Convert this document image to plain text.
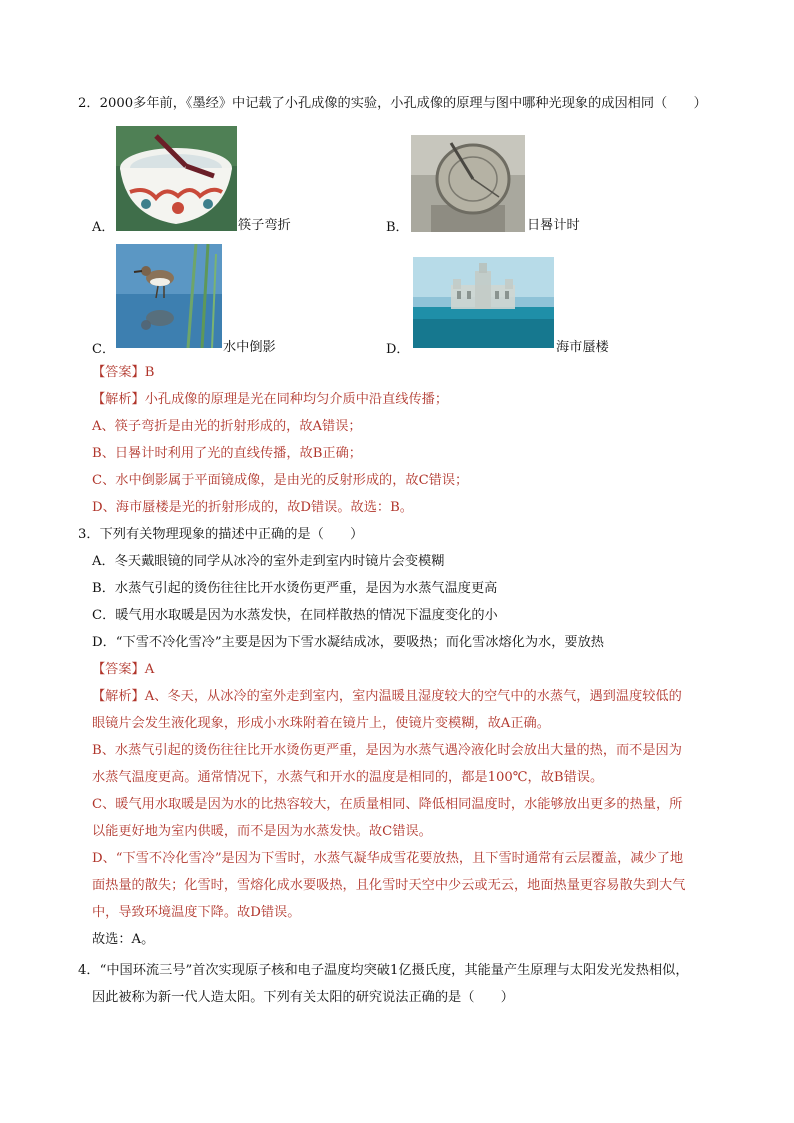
2．2000多年前，《墨经》中记载了小孔成像的实验，小孔成像的原理与图中哪种光现象的成因相同（　　）
A．	筷子弯折	B．	日晷计时
C．	水中倒影	D．	海市蜃楼
【答案】B
【解析】小孔成像的原理是光在同种均匀介质中沿直线传播；
A、筷子弯折是由光的折射形成的，故A错误；
B、日晷计时利用了光的直线传播，故B正确；
C、水中倒影属于平面镜成像，是由光的反射形成的，故C错误；
D、海市蜃楼是光的折射形成的，故D错误。故选：B。
3．下列有关物理现象的描述中正确的是（　　）
A．冬天戴眼镜的同学从冰冷的室外走到室内时镜片会变模糊
B．水蒸气引起的烫伤往往比开水烫伤更严重，是因为水蒸气温度更高
C．暖气用水取暖是因为水蒸发快，在同样散热的情况下温度变化的小
D．“下雪不冷化雪冷”主要是因为下雪水凝结成冰，要吸热；而化雪冰熔化为水，要放热
【答案】A
【解析】A、冬天，从冰冷的室外走到室内，室内温暖且湿度较大的空气中的水蒸气，遇到温度较低的
眼镜片会发生液化现象，形成小水珠附着在镜片上，使镜片变模糊，故A正确。
B、水蒸气引起的烫伤往往比开水烫伤更严重，是因为水蒸气遇冷液化时会放出大量的热，而不是因为
水蒸气温度更高。通常情况下，水蒸气和开水的温度是相同的，都是100℃，故B错误。
C、暖气用水取暖是因为水的比热容较大，在质量相同、降低相同温度时，水能够放出更多的热量，所
以能更好地为室内供暖，而不是因为水蒸发快。故C错误。
D、“下雪不冷化雪冷”是因为下雪时，水蒸气凝华成雪花要放热，且下雪时通常有云层覆盖，减少了地
面热量的散失；化雪时，雪熔化成水要吸热，且化雪时天空中少云或无云，地面热量更容易散失到大气
中，导致环境温度下降。故D错误。
故选：A。
4．“中国环流三号”首次实现原子核和电子温度均突破1亿摄氏度，其能量产生原理与太阳发光发热相似，
因此被称为新一代人造太阳。下列有关太阳的研究说法正确的是（　　）
